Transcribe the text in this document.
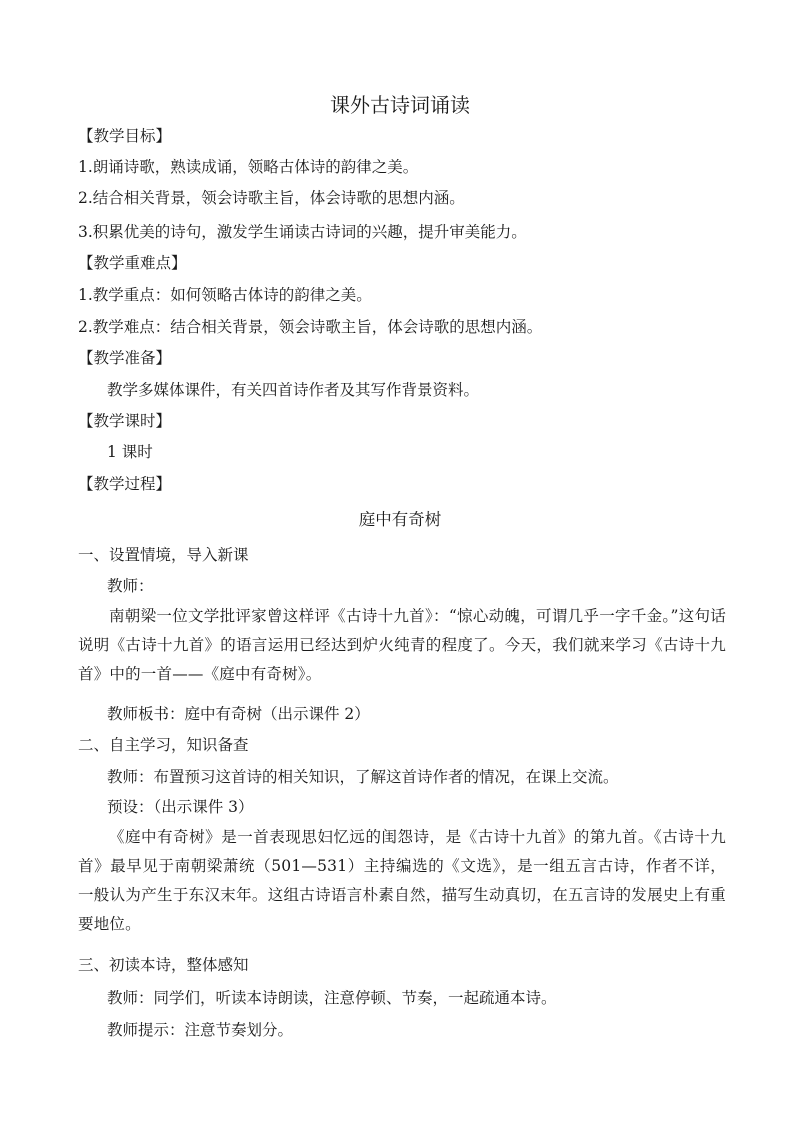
课外古诗词诵读

【教学目标】

1.朗诵诗歌，熟读成诵，领略古体诗的韵律之美。

2.结合相关背景，领会诗歌主旨，体会诗歌的思想内涵。

3.积累优美的诗句，激发学生诵读古诗词的兴趣，提升审美能力。

【教学重难点】

1.教学重点：如何领略古体诗的韵律之美。

2.教学难点：结合相关背景，领会诗歌主旨，体会诗歌的思想内涵。

【教学准备】

教学多媒体课件，有关四首诗作者及其写作背景资料。

【教学课时】

1 课时

【教学过程】

庭中有奇树

一、设置情境，导入新课

教师：

南朝梁一位文学批评家曾这样评《古诗十九首》：“惊心动魄，可谓几乎一字千金。”这句话说明《古诗十九首》的语言运用已经达到炉火纯青的程度了。今天，我们就来学习《古诗十九首》中的一首——《庭中有奇树》。

教师板书：庭中有奇树（出示课件 2）

二、自主学习，知识备查

教师：布置预习这首诗的相关知识，了解这首诗作者的情况，在课上交流。

预设：（出示课件 3）

《庭中有奇树》是一首表现思妇忆远的闺怨诗，是《古诗十九首》的第九首。《古诗十九首》最早见于南朝梁萧统（501—531）主持编选的《文选》，是一组五言古诗，作者不详，一般认为产生于东汉末年。这组古诗语言朴素自然，描写生动真切，在五言诗的发展史上有重要地位。

三、初读本诗，整体感知

教师：同学们，听读本诗朗读，注意停顿、节奏，一起疏通本诗。

教师提示：注意节奏划分。
